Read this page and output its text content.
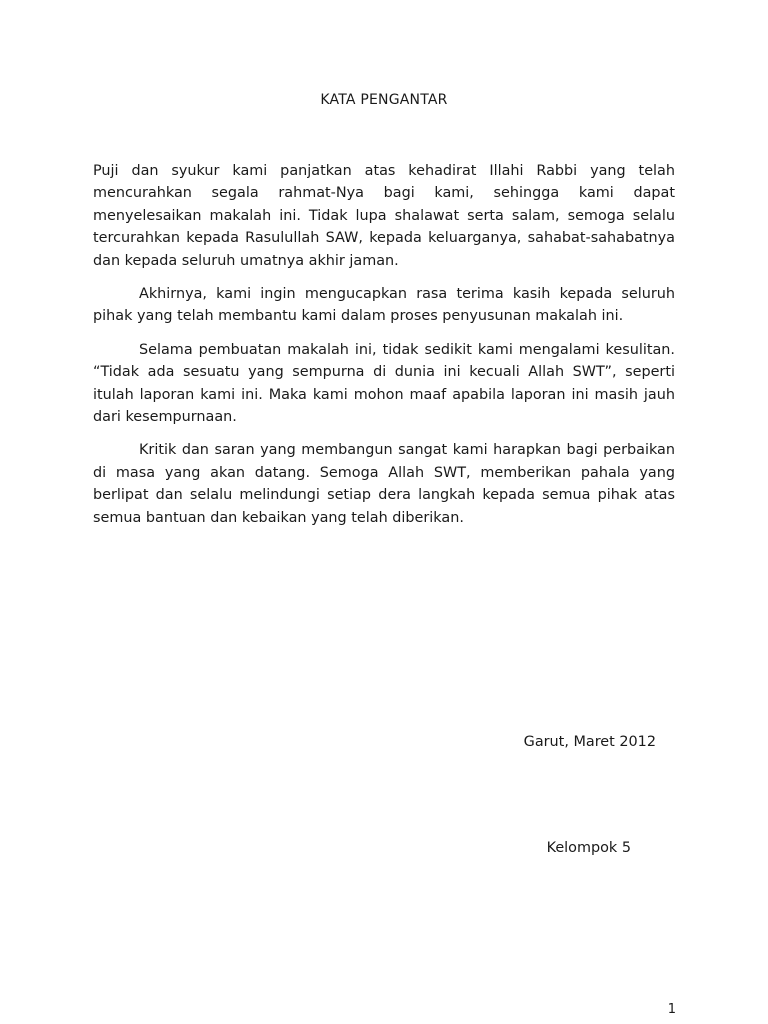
KATA PENGANTAR

Puji dan syukur kami panjatkan atas kehadirat Illahi Rabbi yang telah mencurahkan segala rahmat-Nya bagi kami, sehingga kami dapat menyelesaikan makalah ini. Tidak lupa shalawat serta salam, semoga selalu tercurahkan kepada Rasulullah SAW, kepada keluarganya, sahabat-sahabatnya dan kepada seluruh umatnya akhir jaman.

Akhirnya, kami ingin mengucapkan rasa terima kasih kepada seluruh pihak yang telah membantu kami dalam proses penyusunan makalah ini.

Selama pembuatan makalah ini, tidak sedikit kami mengalami kesulitan. “Tidak ada sesuatu yang sempurna di dunia ini kecuali Allah SWT”, seperti itulah laporan kami ini. Maka kami mohon maaf apabila laporan ini masih jauh dari kesempurnaan.

Kritik dan saran yang membangun sangat kami harapkan bagi perbaikan di masa yang akan datang. Semoga Allah SWT, memberikan pahala yang berlipat dan selalu melindungi setiap dera langkah kepada semua pihak atas semua bantuan dan kebaikan yang telah diberikan.

Garut, Maret 2012
Kelompok 5
1
